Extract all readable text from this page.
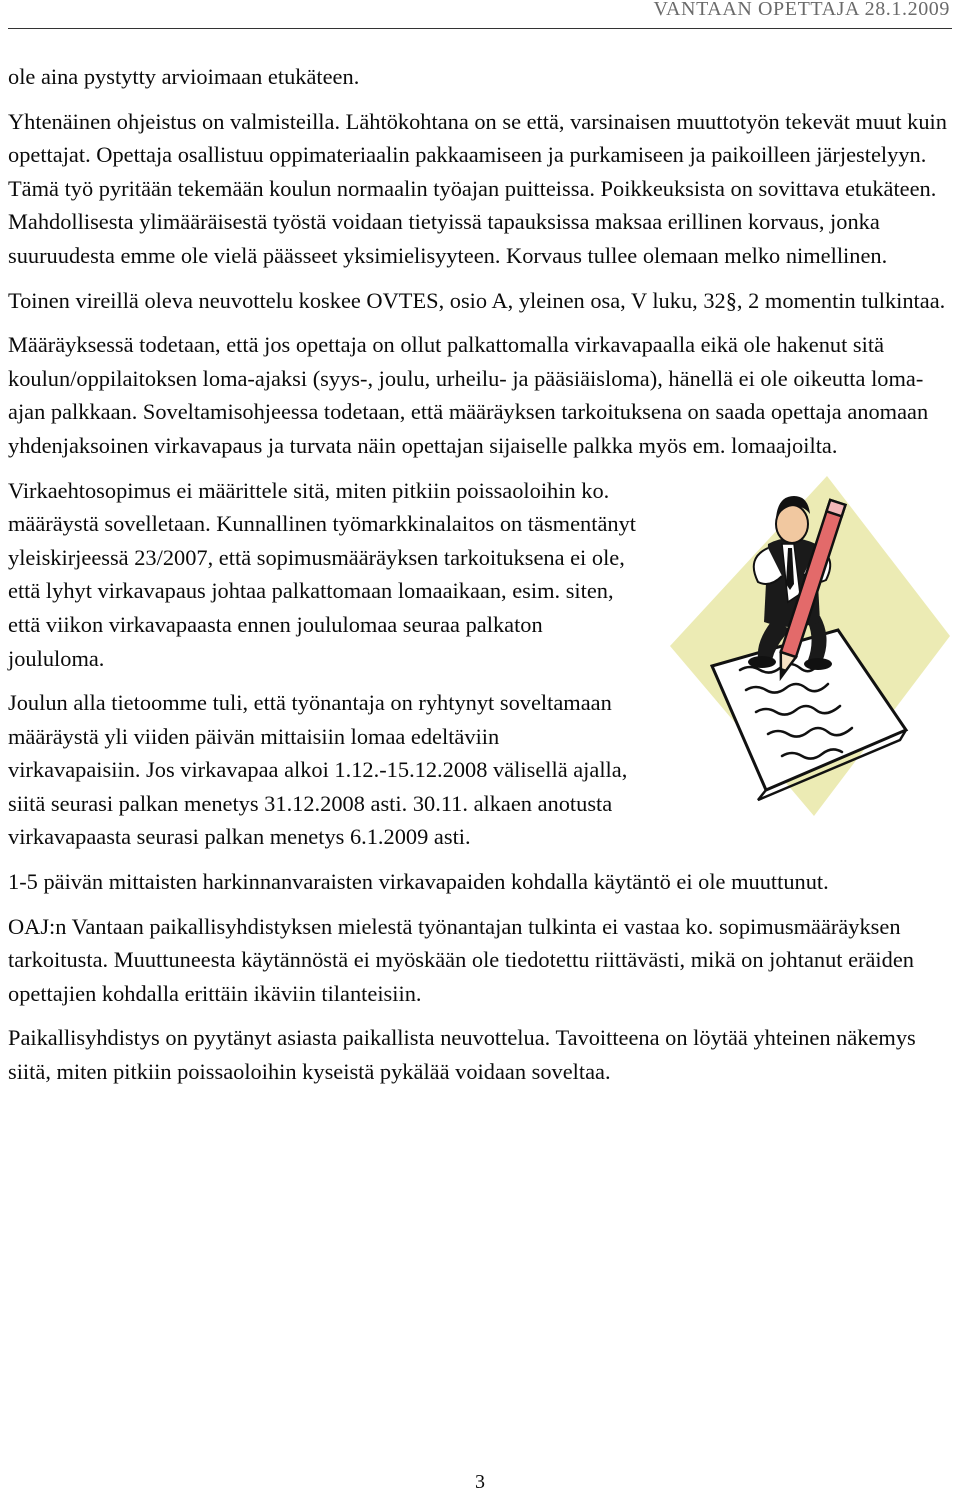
VANTAAN OPETTAJA 28.1.2009

ole aina pystytty arvioimaan etukäteen.

Yhtenäinen ohjeistus on valmisteilla. Lähtökohtana on se että, varsinaisen muuttotyön tekevät muut kuin opettajat. Opettaja osallistuu oppimateriaalin pakkaamiseen ja purkamiseen ja paikoilleen järjestelyyn. Tämä työ pyritään tekemään koulun normaalin työajan puitteissa. Poikkeuksista on sovittava etukäteen. Mahdollisesta ylimääräisestä työstä voidaan tietyissä tapauksissa maksaa erillinen korvaus, jonka suuruudesta emme ole vielä päässeet yksimielisyyteen. Korvaus tullee olemaan melko nimellinen.

Toinen vireillä oleva neuvottelu koskee OVTES, osio A, yleinen osa, V luku, 32§, 2 momentin tulkintaa.

Määräyksessä todetaan, että jos opettaja on ollut palkattomalla virkavapaalla eikä ole hakenut sitä koulun/oppilaitoksen loma-ajaksi (syys-, joulu, urheilu- ja pääsiäisloma), hänellä ei ole oikeutta loma-ajan palkkaan. Soveltamisohjeessa todetaan, että määräyksen tarkoituksena on saada opettaja anomaan yhdenjaksoinen virkavapaus ja turvata näin opettajan sijaiselle palkka myös em. lomaajoilta.

Virkaehtosopimus ei määrittele sitä, miten pitkiin poissaoloihin ko. määräystä sovelletaan. Kunnallinen työmarkkinalaitos on täsmentänyt yleiskirjeessä 23/2007, että sopimusmääräyksen tarkoituksena ei ole, että lyhyt virkavapaus johtaa palkattomaan lomaaikaan, esim. siten, että viikon virkavapaasta ennen joululomaa seuraa palkaton joululoma.

Joulun alla tietoomme tuli, että työnantaja on ryhtynyt soveltamaan määräystä yli viiden päivän mittaisiin lomaa edeltäviin virkavapaisiin. Jos virkavapaa alkoi 1.12.-15.12.2008 välisellä ajalla, siitä seurasi palkan menetys 31.12.2008 asti. 30.11. alkaen anotusta virkavapaasta seurasi palkan menetys 6.1.2009 asti.

1-5 päivän mittaisten harkinnanvaraisten virkavapaiden kohdalla käytäntö ei ole muuttunut.

OAJ:n Vantaan paikallisyhdistyksen mielestä työnantajan tulkinta ei vastaa ko. sopimusmääräyksen tarkoitusta. Muuttuneesta käytännöstä ei myöskään ole tiedotettu riittävästi, mikä on johtanut eräiden opettajien kohdalla erittäin ikäviin tilanteisiin.

Paikallisyhdistys on pyytänyt asiasta paikallista neuvottelua. Tavoitteena on löytää yhteinen näkemys siitä, miten pitkiin poissaoloihin kyseistä pykälää voidaan soveltaa.

3
